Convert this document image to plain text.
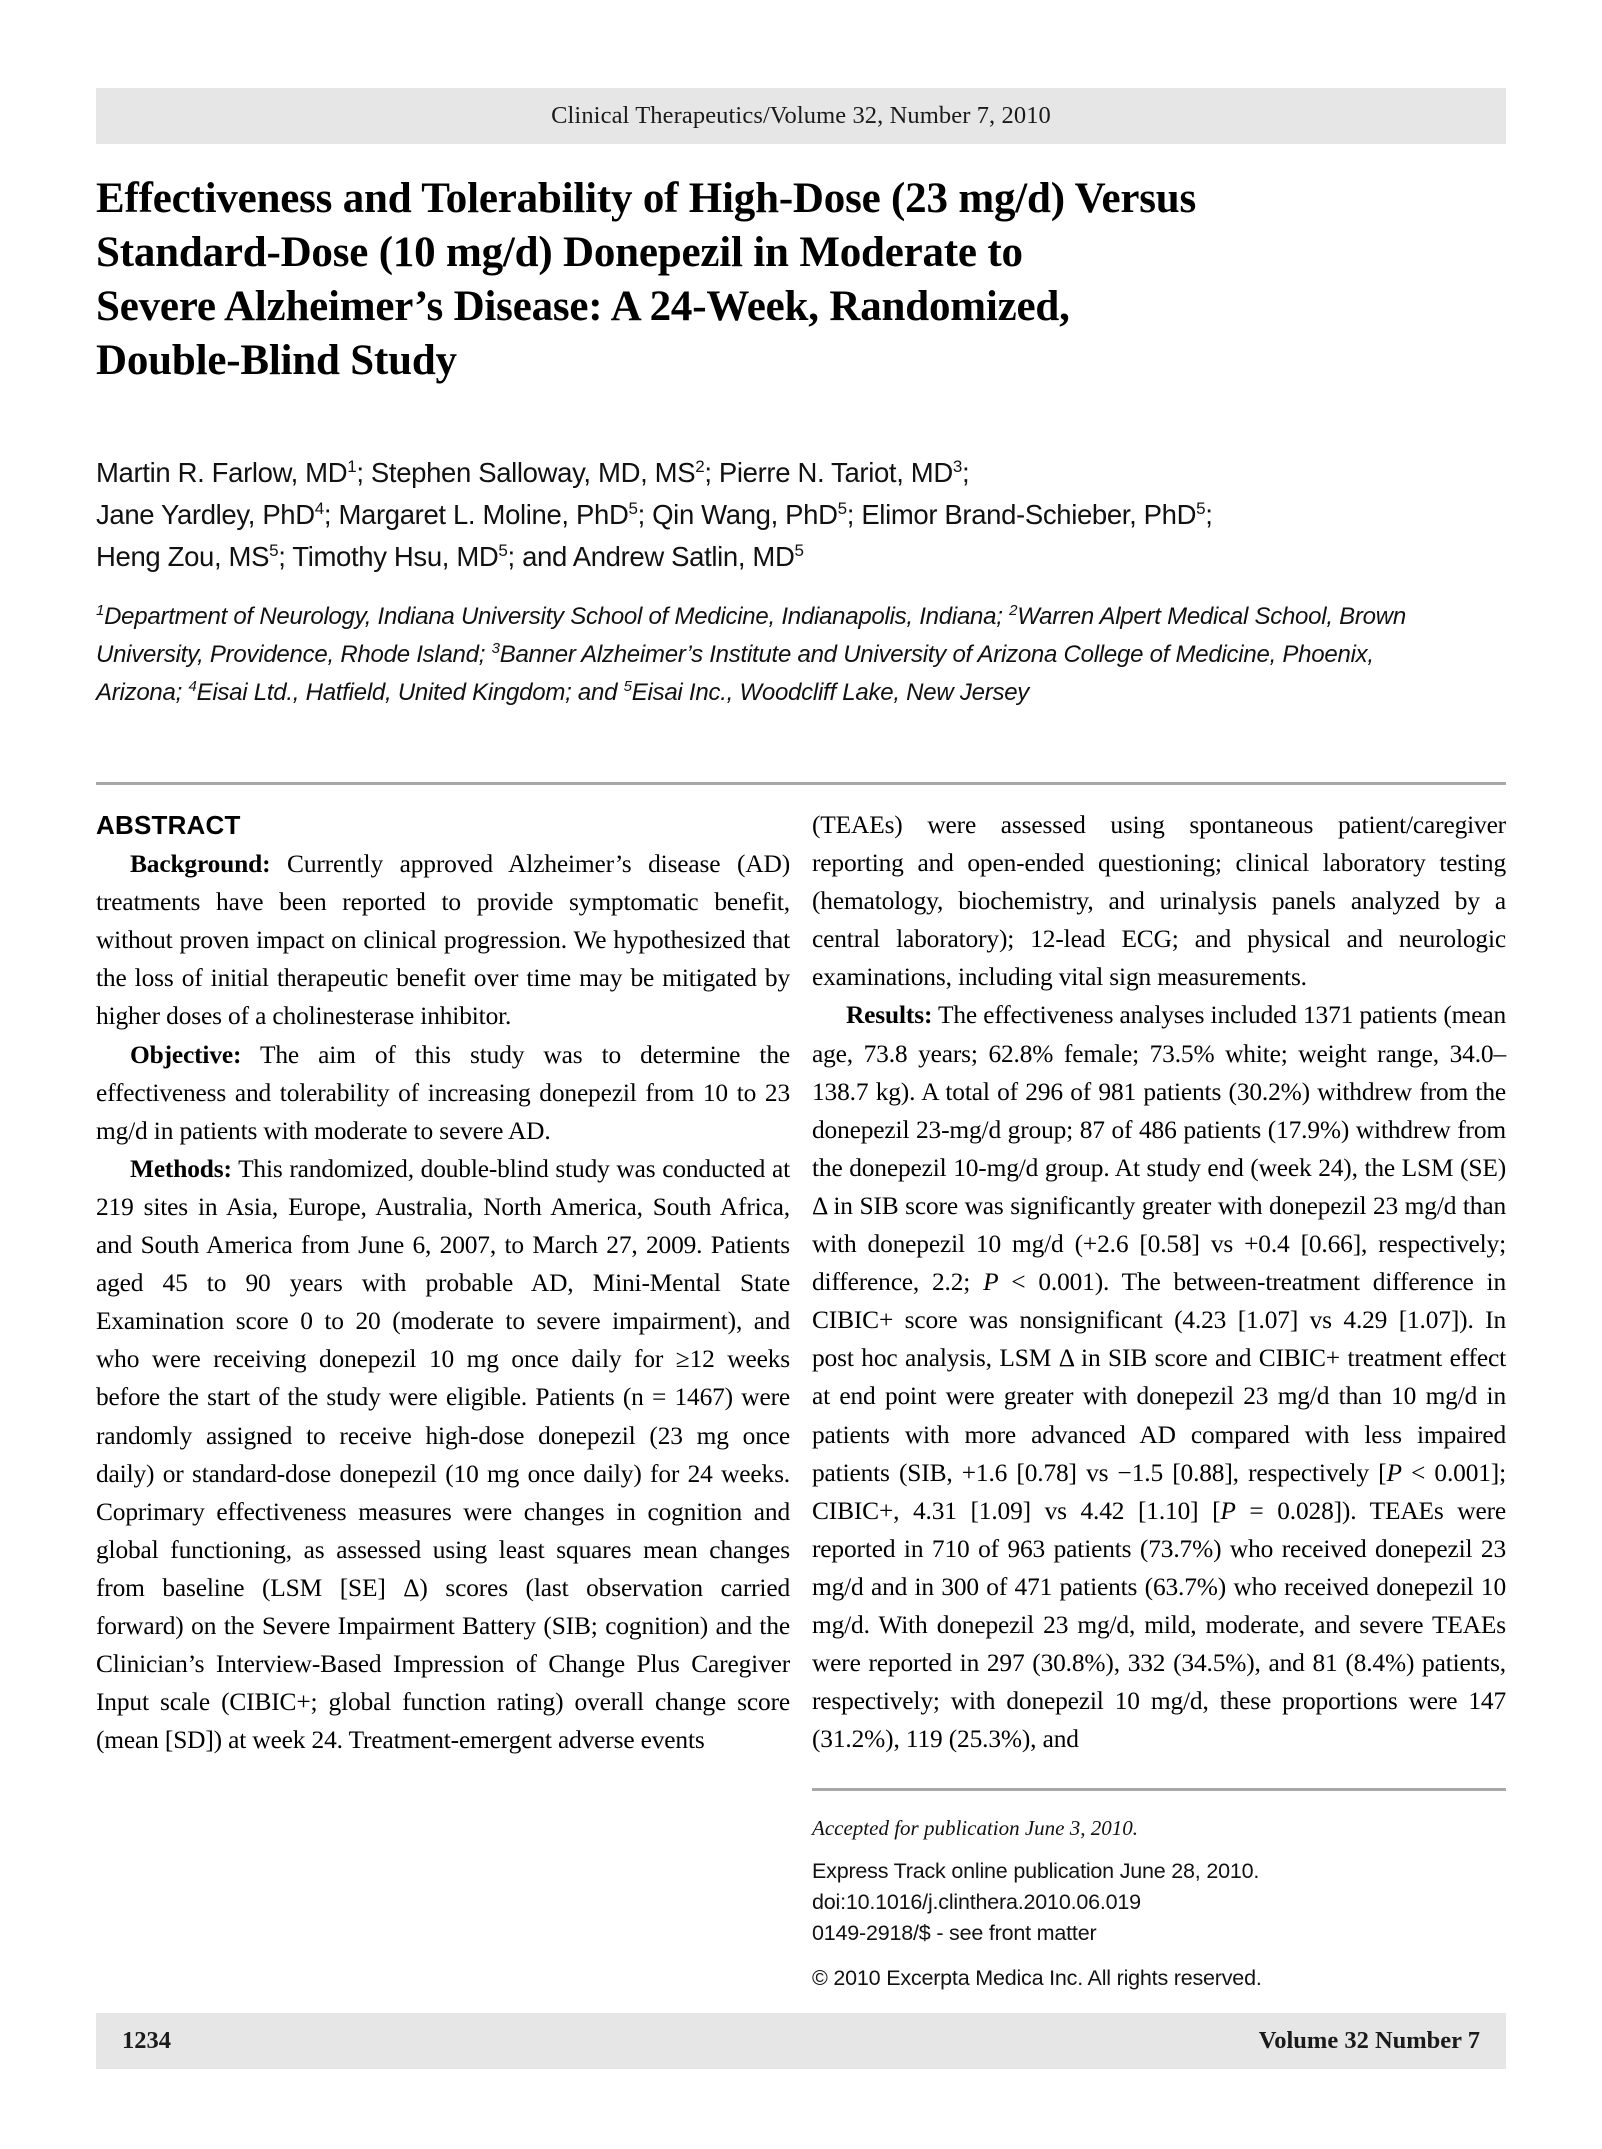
Clinical Therapeutics/Volume 32, Number 7, 2010
Effectiveness and Tolerability of High-Dose (23 mg/d) Versus
Standard-Dose (10 mg/d) Donepezil in Moderate to
Severe Alzheimer’s Disease: A 24-Week, Randomized,
Double-Blind Study
Martin R. Farlow, $MD^1$; Stephen Salloway, MD, $MS^2$; Pierre N. Tariot, $MD^3$;
Jane Yardley, PhD$^4$; Margaret L. Moline, PhD$^5$; Qin Wang, PhD$^5$; Elimor Brand-Schieber, PhD$^5$;
Heng Zou, $MS^5$; Timothy Hsu, $MD^5$; and Andrew Satlin, $MD^5$
$^1$Department of Neurology, Indiana University School of Medicine, Indianapolis, Indiana; $^2$Warren Alpert Medical School, Brown University, Providence, Rhode Island; $^3$Banner Alzheimer’s Institute and University of Arizona College of Medicine, Phoenix, Arizona; $^4$Eisai Ltd., Hatfield, United Kingdom; and $^5$Eisai Inc., Woodcliff Lake, New Jersey
ABSTRACT

Background: Currently approved Alzheimer’s disease (AD) treatments have been reported to provide symptomatic benefit, without proven impact on clinical progression. We hypothesized that the loss of initial therapeutic benefit over time may be mitigated by higher doses of a cholinesterase inhibitor.

Objective: The aim of this study was to determine the effectiveness and tolerability of increasing donepezil from 10 to 23 mg/d in patients with moderate to severe AD.

Methods: This randomized, double-blind study was conducted at 219 sites in Asia, Europe, Australia, North America, South Africa, and South America from June 6, 2007, to March 27, 2009. Patients aged 45 to 90 years with probable AD, Mini-Mental State Examination score 0 to 20 (moderate to severe impairment), and who were receiving donepezil 10 mg once daily for ≥12 weeks before the start of the study were eligible. Patients (n = 1467) were randomly assigned to receive high-dose donepezil (23 mg once daily) or standard-dose donepezil (10 mg once daily) for 24 weeks. Coprimary effectiveness measures were changes in cognition and global functioning, as assessed using least squares mean changes from baseline (LSM [SE] Δ) scores (last observation carried forward) on the Severe Impairment Battery (SIB; cognition) and the Clinician’s Interview-Based Impression of Change Plus Caregiver Input scale (CIBIC+; global function rating) overall change score (mean [SD]) at week 24. Treatment-emergent adverse events

(TEAEs) were assessed using spontaneous patient/caregiver reporting and open-ended questioning; clinical laboratory testing (hematology, biochemistry, and urinalysis panels analyzed by a central laboratory); 12-lead ECG; and physical and neurologic examinations, including vital sign measurements.

Results: The effectiveness analyses included 1371 patients (mean age, 73.8 years; 62.8% female; 73.5% white; weight range, 34.0–138.7 kg). A total of 296 of 981 patients (30.2%) withdrew from the donepezil 23-mg/d group; 87 of 486 patients (17.9%) withdrew from the donepezil 10-mg/d group. At study end (week 24), the LSM (SE) Δ in SIB score was significantly greater with donepezil 23 mg/d than with donepezil 10 mg/d (+2.6 [0.58] vs +0.4 [0.66], respectively; difference, 2.2; P < 0.001). The between-treatment difference in CIBIC+ score was nonsignificant (4.23 [1.07] vs 4.29 [1.07]). In post hoc analysis, LSM Δ in SIB score and CIBIC+ treatment effect at end point were greater with donepezil 23 mg/d than 10 mg/d in patients with more advanced AD compared with less impaired patients (SIB, +1.6 [0.78] vs −1.5 [0.88], respectively [P < 0.001]; CIBIC+, 4.31 [1.09] vs 4.42 [1.10] [P = 0.028]). TEAEs were reported in 710 of 963 patients (73.7%) who received donepezil 23 mg/d and in 300 of 471 patients (63.7%) who received donepezil 10 mg/d. With donepezil 23 mg/d, mild, moderate, and severe TEAEs were reported in 297 (30.8%), 332 (34.5%), and 81 (8.4%) patients, respectively; with donepezil 10 mg/d, these proportions were 147 (31.2%), 119 (25.3%), and

Accepted for publication June 3, 2010.
Express Track online publication June 28, 2010.
doi:10.1016/j.clinthera.2010.06.019
0149-2918/$ - see front matter
© 2010 Excerpta Medica Inc. All rights reserved.
1234	Volume 32 Number 7
